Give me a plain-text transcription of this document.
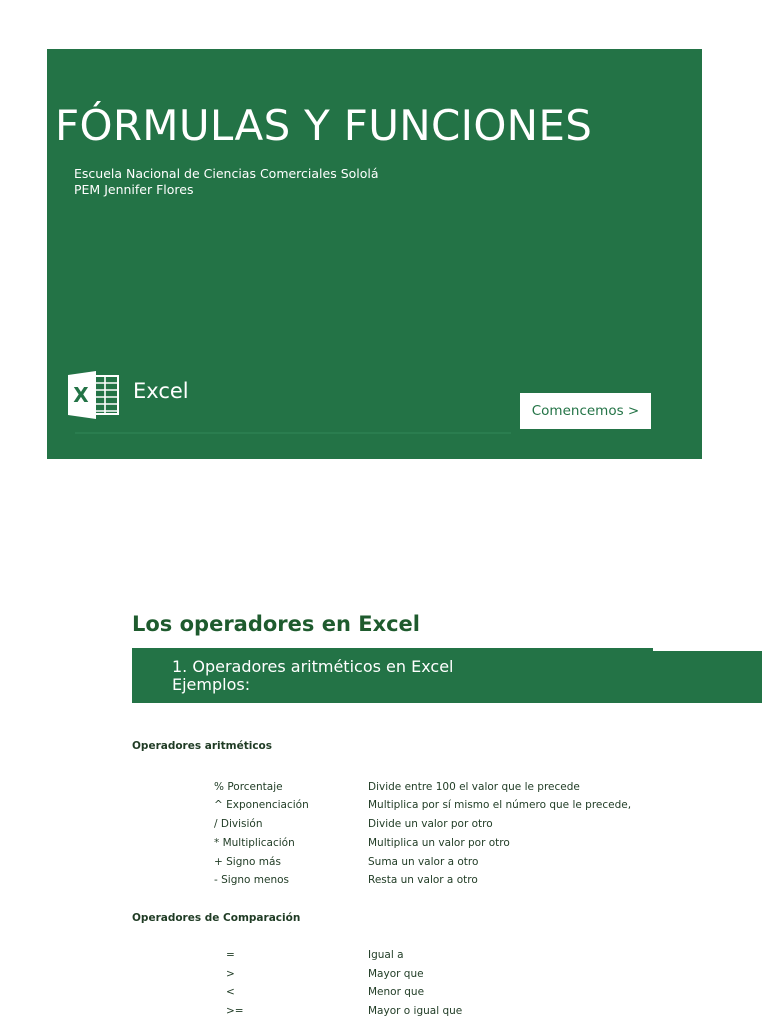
FÓRMULAS Y FUNCIONES
Escuela Nacional de Ciencias Comerciales Sololá
PEM Jennifer Flores
X Excel
Comencemos >
Los operadores en Excel
1. Operadores aritméticos en Excel
Ejemplos:
Operadores aritméticos
% Porcentaje	Divide entre 100 el valor que le precede
^ Exponenciación	Multiplica por sí mismo el número que le precede,
/ División	Divide un valor por otro
* Multiplicación	Multiplica un valor por otro
+ Signo más	Suma un valor a otro
- Signo menos	Resta un valor a otro
Operadores de Comparación
=	Igual a
>	Mayor que
<	Menor que
>=	Mayor o igual que
